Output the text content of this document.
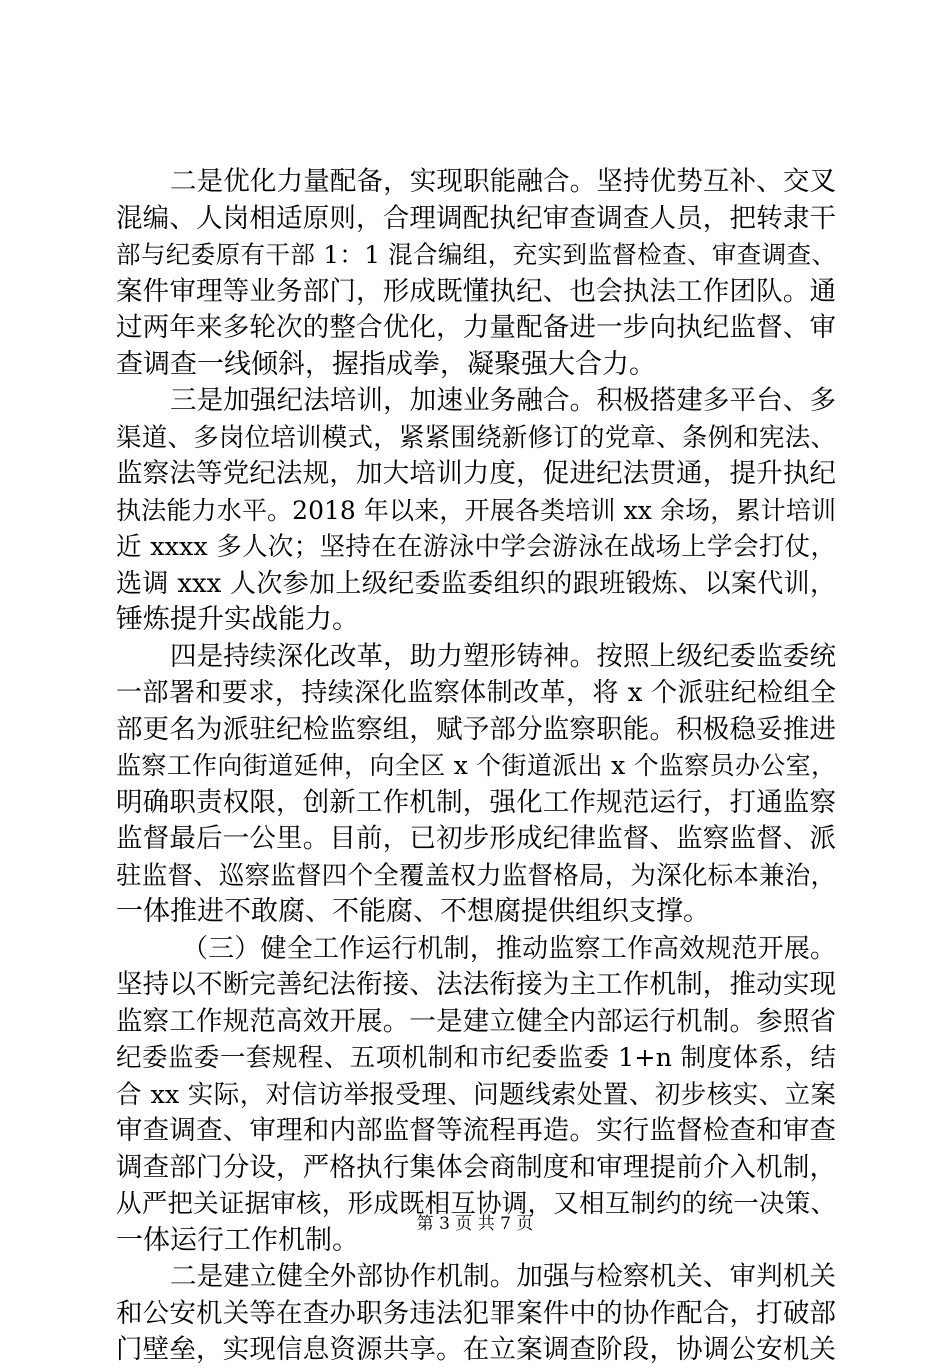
二是优化力量配备，实现职能融合。坚持优势互补、交叉
混编、人岗相适原则，合理调配执纪审查调查人员，把转隶干
部与纪委原有干部 1：1 混合编组，充实到监督检查、审查调查、
案件审理等业务部门，形成既懂执纪、也会执法工作团队。通
过两年来多轮次的整合优化，力量配备进一步向执纪监督、审
查调查一线倾斜，握指成拳，凝聚强大合力。
三是加强纪法培训，加速业务融合。积极搭建多平台、多
渠道、多岗位培训模式，紧紧围绕新修订的党章、条例和宪法、
监察法等党纪法规，加大培训力度，促进纪法贯通，提升执纪
执法能力水平。2018 年以来，开展各类培训 xx 余场，累计培训
近 xxxx 多人次；坚持在在游泳中学会游泳在战场上学会打仗，
选调 xxx 人次参加上级纪委监委组织的跟班锻炼、以案代训，
锤炼提升实战能力。
四是持续深化改革，助力塑形铸神。按照上级纪委监委统
一部署和要求，持续深化监察体制改革，将 x 个派驻纪检组全
部更名为派驻纪检监察组，赋予部分监察职能。积极稳妥推进
监察工作向街道延伸，向全区 x 个街道派出 x 个监察员办公室，
明确职责权限，创新工作机制，强化工作规范运行，打通监察
监督最后一公里。目前，已初步形成纪律监督、监察监督、派
驻监督、巡察监督四个全覆盖权力监督格局，为深化标本兼治，
一体推进不敢腐、不能腐、不想腐提供组织支撑。
（三）健全工作运行机制，推动监察工作高效规范开展。
坚持以不断完善纪法衔接、法法衔接为主工作机制，推动实现
监察工作规范高效开展。一是建立健全内部运行机制。参照省
纪委监委一套规程、五项机制和市纪委监委 1+n 制度体系，结
合 xx 实际，对信访举报受理、问题线索处置、初步核实、立案
审查调查、审理和内部监督等流程再造。实行监督检查和审查
调查部门分设，严格执行集体会商制度和审理提前介入机制，
从严把关证据审核，形成既相互协调，又相互制约的统一决策、
一体运行工作机制。
二是建立健全外部协作机制。加强与检察机关、审判机关
和公安机关等在查办职务违法犯罪案件中的协作配合，打破部
门壁垒，实现信息资源共享。在立案调查阶段，协调公安机关
第 3 页 共 7 页
